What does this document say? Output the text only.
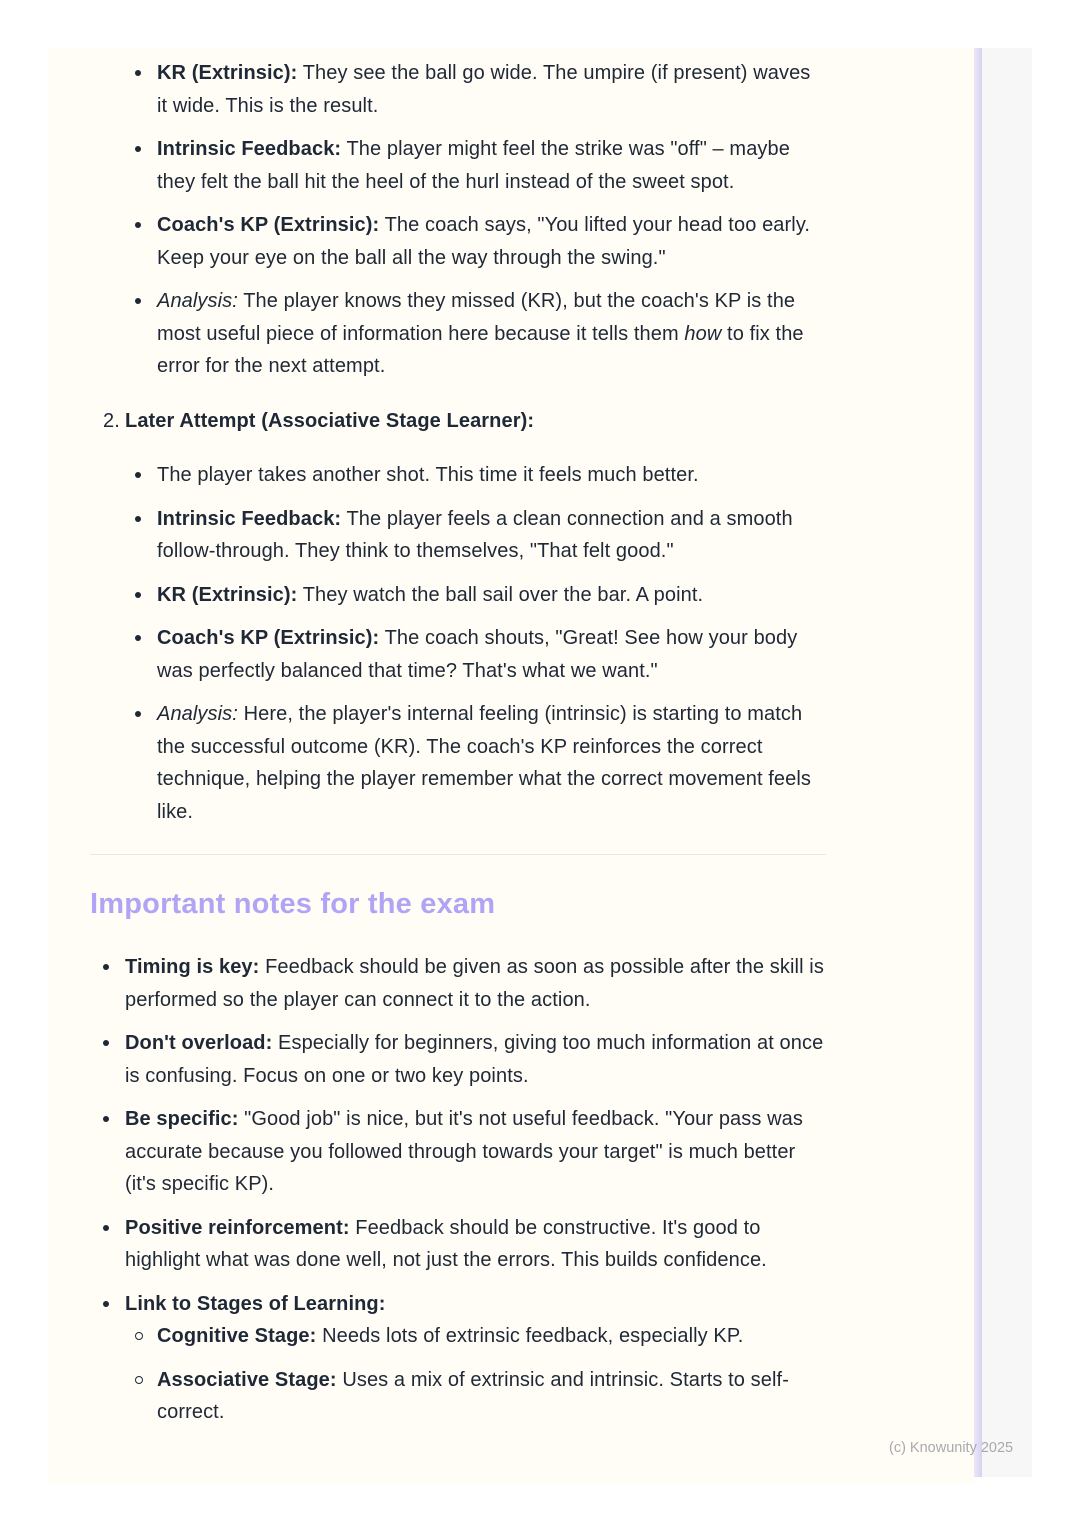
KR (Extrinsic): They see the ball go wide. The umpire (if present) waves it wide. This is the result.
Intrinsic Feedback: The player might feel the strike was "off" – maybe they felt the ball hit the heel of the hurl instead of the sweet spot.
Coach's KP (Extrinsic): The coach says, "You lifted your head too early. Keep your eye on the ball all the way through the swing."
Analysis: The player knows they missed (KR), but the coach's KP is the most useful piece of information here because it tells them how to fix the error for the next attempt.
2. Later Attempt (Associative Stage Learner):
The player takes another shot. This time it feels much better.
Intrinsic Feedback: The player feels a clean connection and a smooth follow-through. They think to themselves, "That felt good."
KR (Extrinsic): They watch the ball sail over the bar. A point.
Coach's KP (Extrinsic): The coach shouts, "Great! See how your body was perfectly balanced that time? That's what we want."
Analysis: Here, the player's internal feeling (intrinsic) is starting to match the successful outcome (KR). The coach's KP reinforces the correct technique, helping the player remember what the correct movement feels like.
Important notes for the exam
Timing is key: Feedback should be given as soon as possible after the skill is performed so the player can connect it to the action.
Don't overload: Especially for beginners, giving too much information at once is confusing. Focus on one or two key points.
Be specific: "Good job" is nice, but it's not useful feedback. "Your pass was accurate because you followed through towards your target" is much better (it's specific KP).
Positive reinforcement: Feedback should be constructive. It's good to highlight what was done well, not just the errors. This builds confidence.
Link to Stages of Learning:
Cognitive Stage: Needs lots of extrinsic feedback, especially KP.
Associative Stage: Uses a mix of extrinsic and intrinsic. Starts to self-correct.
(c) Knowunity 2025
